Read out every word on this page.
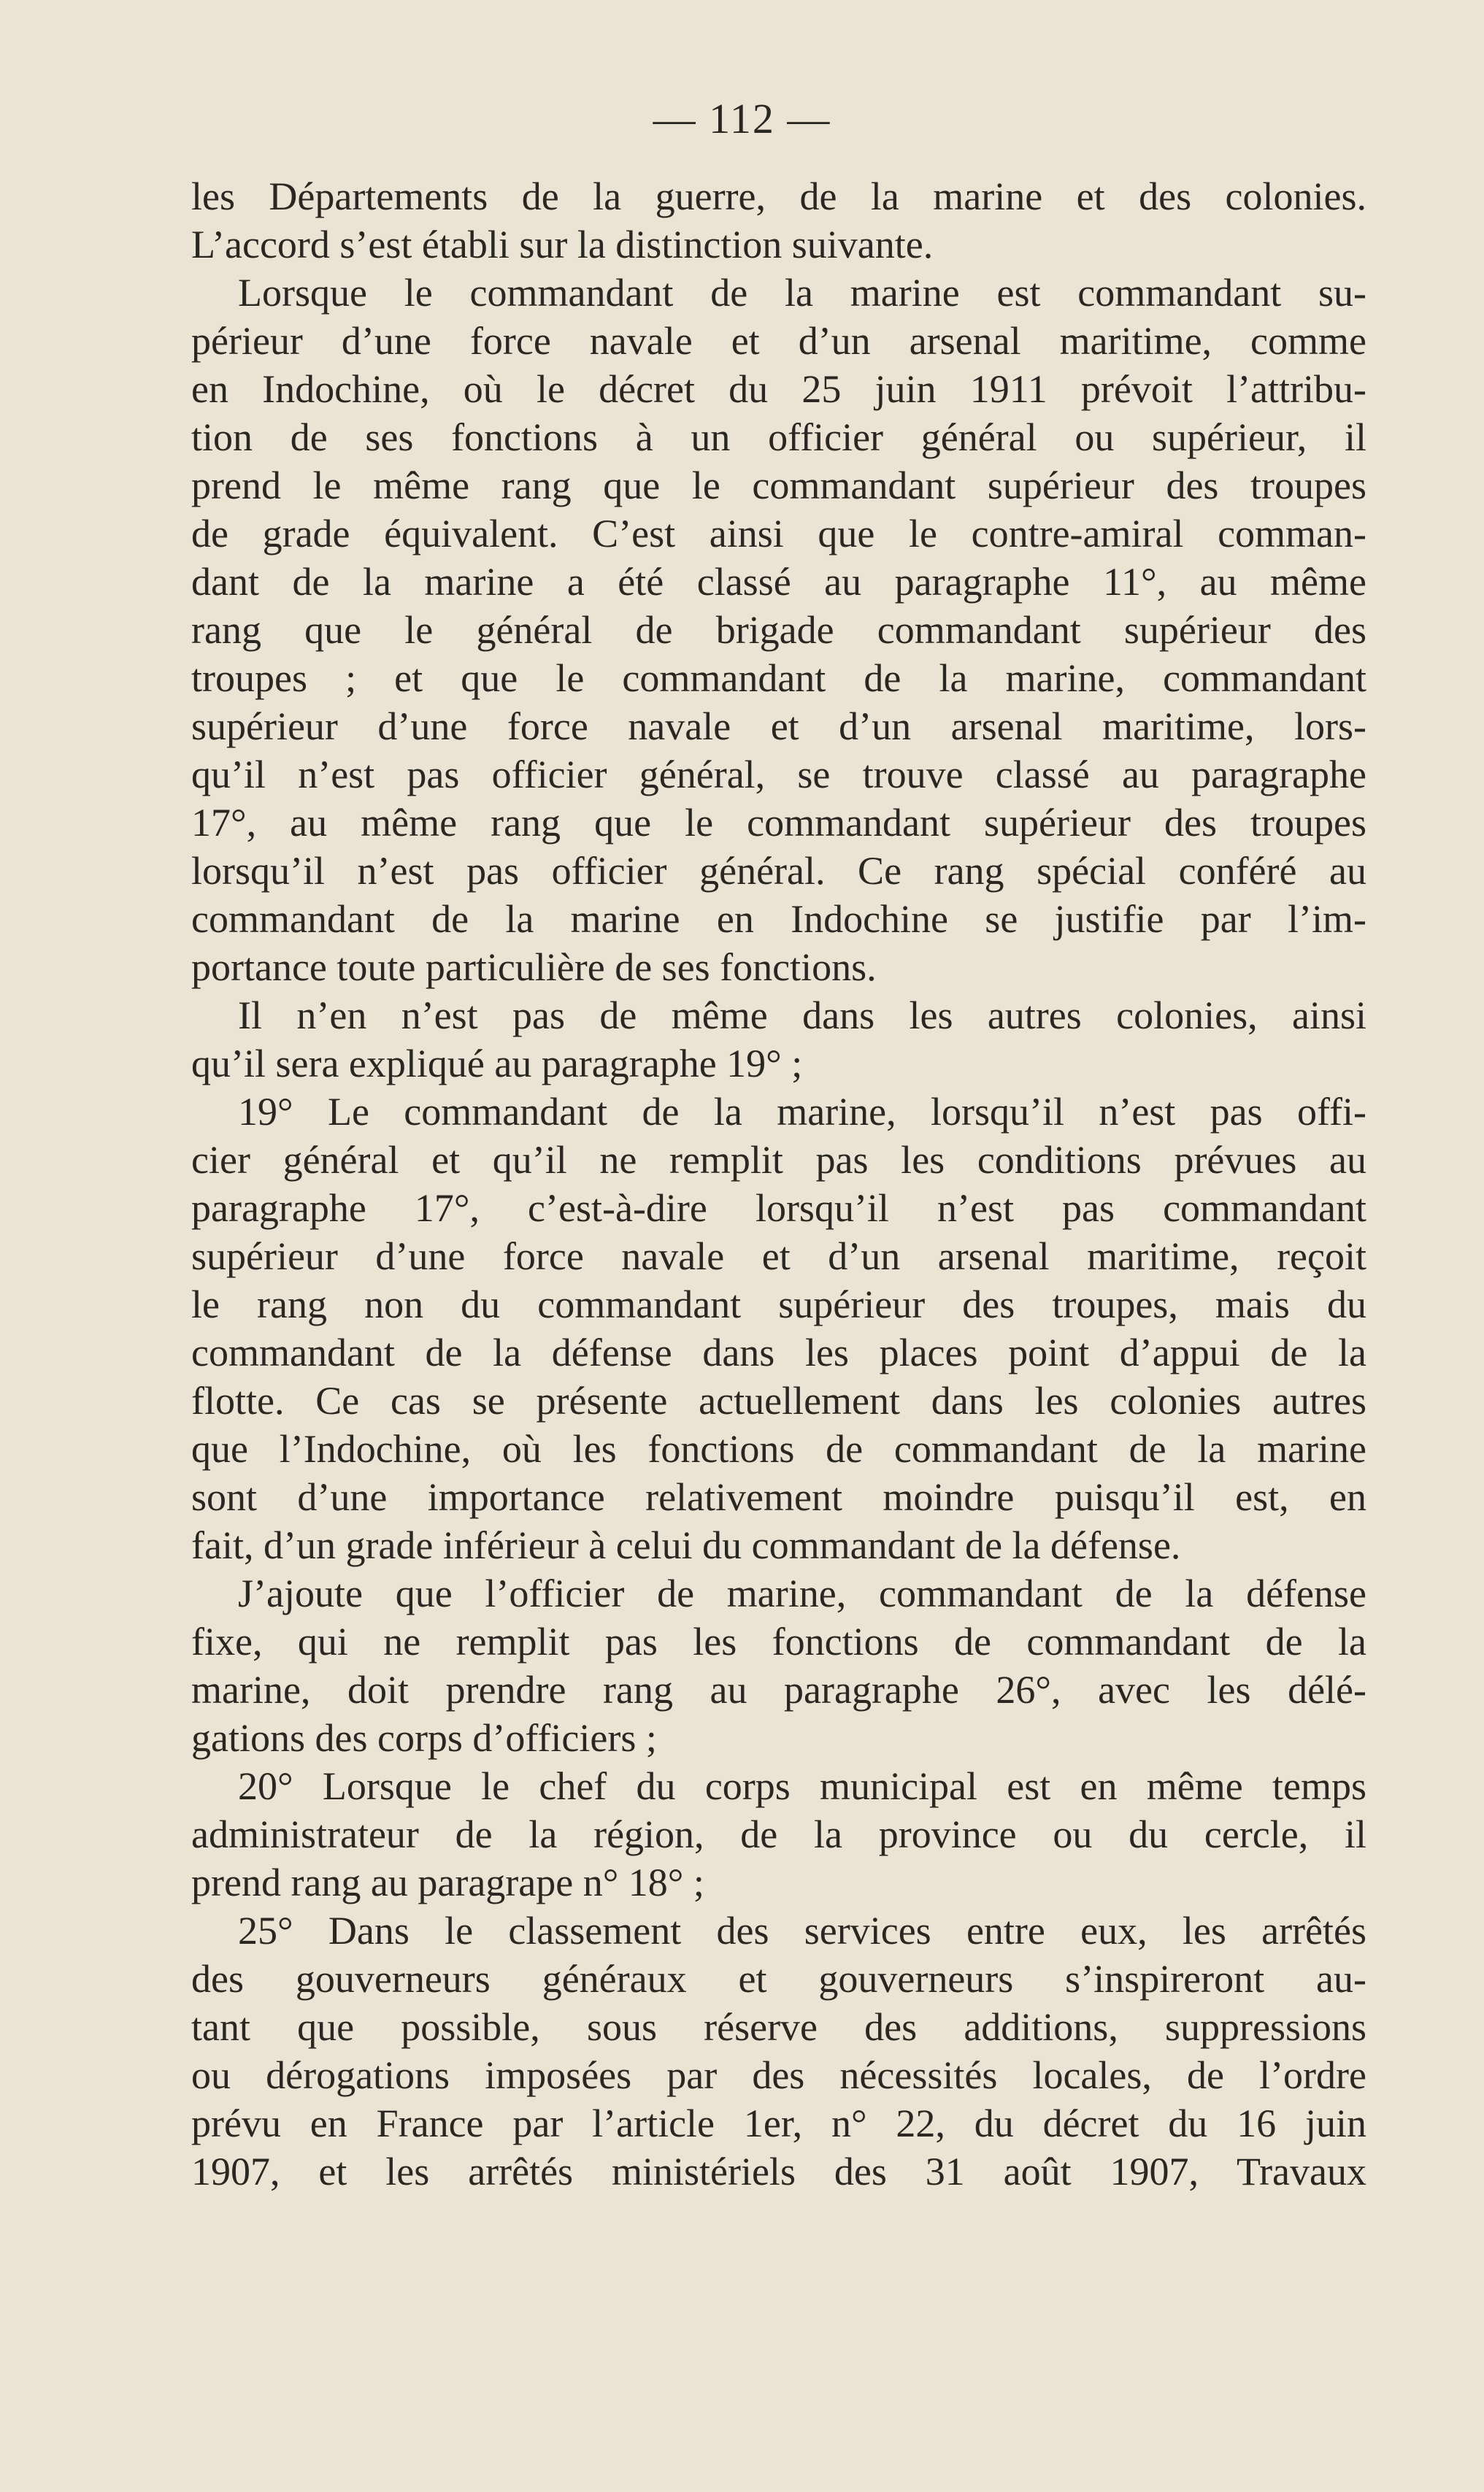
— 112 —
les Départements de la guerre, de la marine et des colonies.
L’accord s’est établi sur la distinction suivante.
Lorsque le commandant de la marine est commandant su-
périeur d’une force navale et d’un arsenal maritime, comme
en Indochine, où le décret du 25 juin 1911 prévoit l’attribu-
tion de ses fonctions à un officier général ou supérieur, il
prend le même rang que le commandant supérieur des troupes
de grade équivalent. C’est ainsi que le contre-amiral comman-
dant de la marine a été classé au paragraphe 11°, au même
rang que le général de brigade commandant supérieur des
troupes ; et que le commandant de la marine, commandant
supérieur d’une force navale et d’un arsenal maritime, lors-
qu’il n’est pas officier général, se trouve classé au paragraphe
17°, au même rang que le commandant supérieur des troupes
lorsqu’il n’est pas officier général. Ce rang spécial conféré au
commandant de la marine en Indochine se justifie par l’im-
portance toute particulière de ses fonctions.
Il n’en n’est pas de même dans les autres colonies, ainsi
qu’il sera expliqué au paragraphe 19° ;
19° Le commandant de la marine, lorsqu’il n’est pas offi-
cier général et qu’il ne remplit pas les conditions prévues au
paragraphe 17°, c’est-à-dire lorsqu’il n’est pas commandant
supérieur d’une force navale et d’un arsenal maritime, reçoit
le rang non du commandant supérieur des troupes, mais du
commandant de la défense dans les places point d’appui de la
flotte. Ce cas se présente actuellement dans les colonies autres
que l’Indochine, où les fonctions de commandant de la marine
sont d’une importance relativement moindre puisqu’il est, en
fait, d’un grade inférieur à celui du commandant de la défense.
J’ajoute que l’officier de marine, commandant de la défense
fixe, qui ne remplit pas les fonctions de commandant de la
marine, doit prendre rang au paragraphe 26°, avec les délé-
gations des corps d’officiers ;
20° Lorsque le chef du corps municipal est en même temps
administrateur de la région, de la province ou du cercle, il
prend rang au paragrape n° 18° ;
25° Dans le classement des services entre eux, les arrêtés
des gouverneurs généraux et gouverneurs s’inspireront au-
tant que possible, sous réserve des additions, suppressions
ou dérogations imposées par des nécessités locales, de l’ordre
prévu en France par l’article 1er, n° 22, du décret du 16 juin
1907, et les arrêtés ministériels des 31 août 1907, Travaux
